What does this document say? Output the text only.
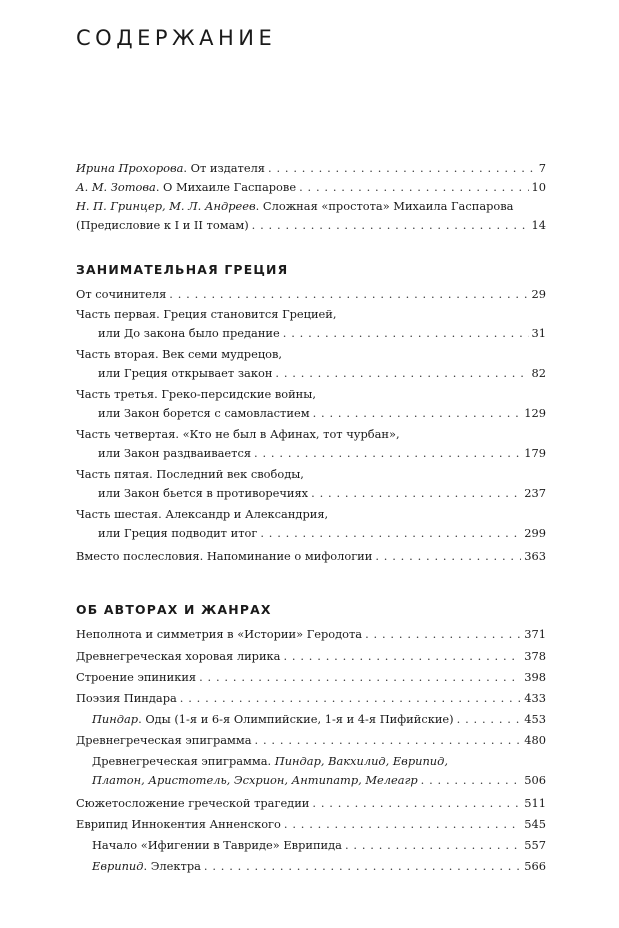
СОДЕРЖАНИЕ
Ирина Прохорова. От издателя . . .	7
А. М. Зотова. О Михаиле Гаспарове . . .	10
Н. П. Гринцер, М. Л. Андреев. Сложная «простота» Михаила Гаспарова
(Предисловие к I и II томам) . . .	14
ЗАНИМАТЕЛЬНАЯ ГРЕЦИЯ
От сочинителя . . .	29
Часть первая. Греция становится Грецией,
или До закона было предание . . .	31
Часть вторая. Век семи мудрецов,
или Греция открывает закон . . .	82
Часть третья. Греко-персидские войны,
или Закон борется с самовластием . . .	129
Часть четвертая. «Кто не был в Афинах, тот чурбан»,
или Закон раздваивается . . .	179
Часть пятая. Последний век свободы,
или Закон бьется в противоречиях . . .	237
Часть шестая. Александр и Александрия,
или Греция подводит итог . . .	299
Вместо послесловия. Напоминание о мифологии . . .	363
ОБ АВТОРАХ И ЖАНРАХ
Неполнота и симметрия в «Истории» Геродота . . .	371
Древнегреческая хоровая лирика . . .	378
Строение эпиникия . . .	398
Поэзия Пиндара . . .	433
Пиндар. Оды (1-я и 6-я Олимпийские, 1-я и 4-я Пифийские) . . .	453
Древнегреческая эпиграмма . . .	480
Древнегреческая эпиграмма. Пиндар, Вакхилид, Еврипид,
Платон, Аристотель, Эсхрион, Антипатр, Мелеагр . . .	506
Сюжетосложение греческой трагедии . . .	511
Еврипид Иннокентия Анненского . . .	545
Начало «Ифигении в Тавриде» Еврипида . . .	557
Еврипид. Электра . . .	566
